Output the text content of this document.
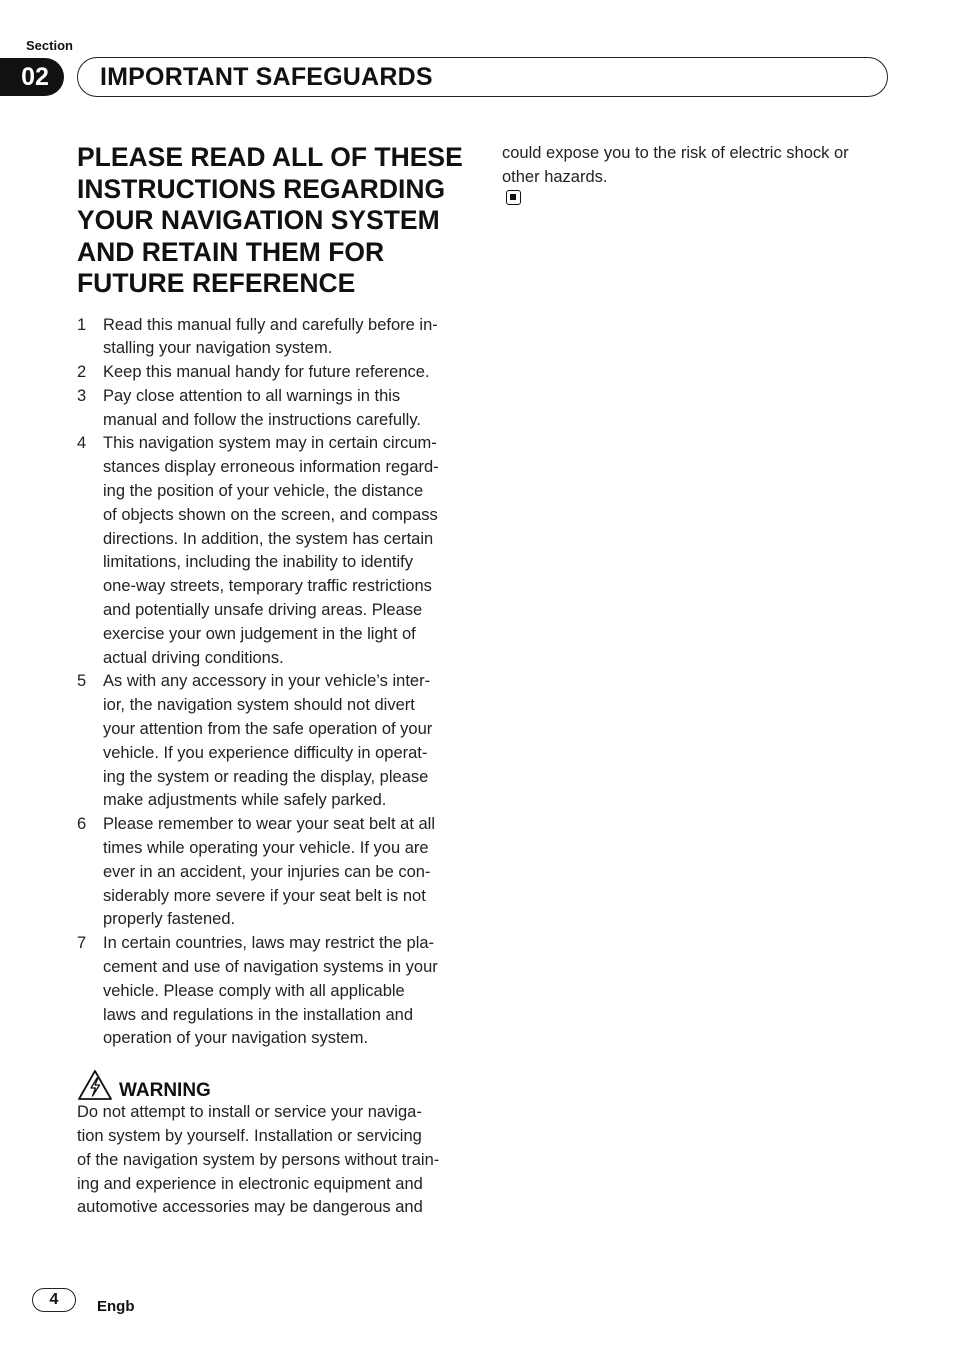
Section
02	IMPORTANT SAFEGUARDS
PLEASE READ ALL OF THESE
INSTRUCTIONS REGARDING
YOUR NAVIGATION SYSTEM
AND RETAIN THEM FOR
FUTURE REFERENCE
1	Read this manual fully and carefully before in-
stalling your navigation system.
2	Keep this manual handy for future reference.
3	Pay close attention to all warnings in this
manual and follow the instructions carefully.
4	This navigation system may in certain circum-
stances display erroneous information regard-
ing the position of your vehicle, the distance
of objects shown on the screen, and compass
directions. In addition, the system has certain
limitations, including the inability to identify
one-way streets, temporary traffic restrictions
and potentially unsafe driving areas. Please
exercise your own judgement in the light of
actual driving conditions.
5	As with any accessory in your vehicle’s inter-
ior, the navigation system should not divert
your attention from the safe operation of your
vehicle. If you experience difficulty in operat-
ing the system or reading the display, please
make adjustments while safely parked.
6	Please remember to wear your seat belt at all
times while operating your vehicle. If you are
ever in an accident, your injuries can be con-
siderably more severe if your seat belt is not
properly fastened.
7	In certain countries, laws may restrict the pla-
cement and use of navigation systems in your
vehicle. Please comply with all applicable
laws and regulations in the installation and
operation of your navigation system.
WARNING

Do not attempt to install or service your naviga-
tion system by yourself. Installation or servicing
of the navigation system by persons without train-
ing and experience in electronic equipment and
automotive accessories may be dangerous and

could expose you to the risk of electric shock or
other hazards.

4	Engb
